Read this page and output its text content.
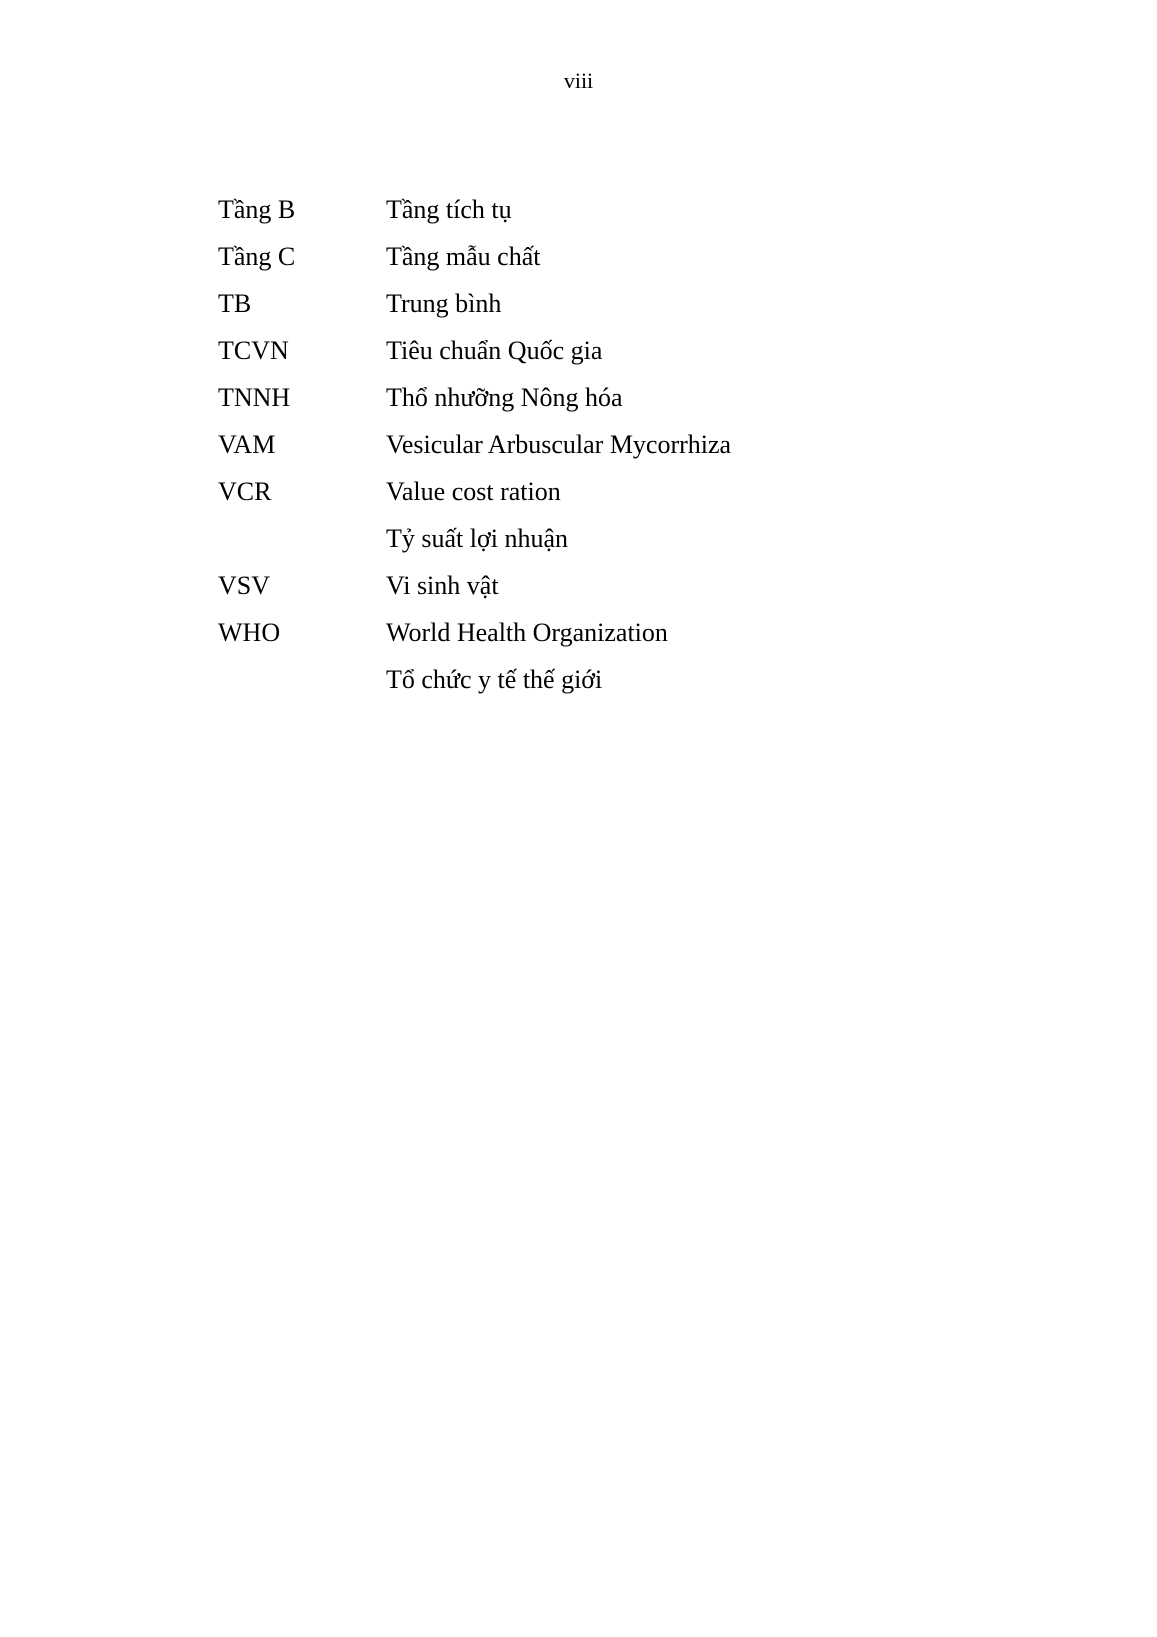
viii
Tầng B	Tầng tích tụ
Tầng C	Tầng mẫu chất
TB	Trung bình
TCVN	Tiêu chuẩn Quốc gia
TNNH	Thổ nhưỡng Nông hóa
VAM	Vesicular Arbuscular Mycorrhiza
VCR	Value cost ration
Tỷ suất lợi nhuận
VSV	Vi sinh vật
WHO	World Health Organization
Tổ chức y tế thế giới
